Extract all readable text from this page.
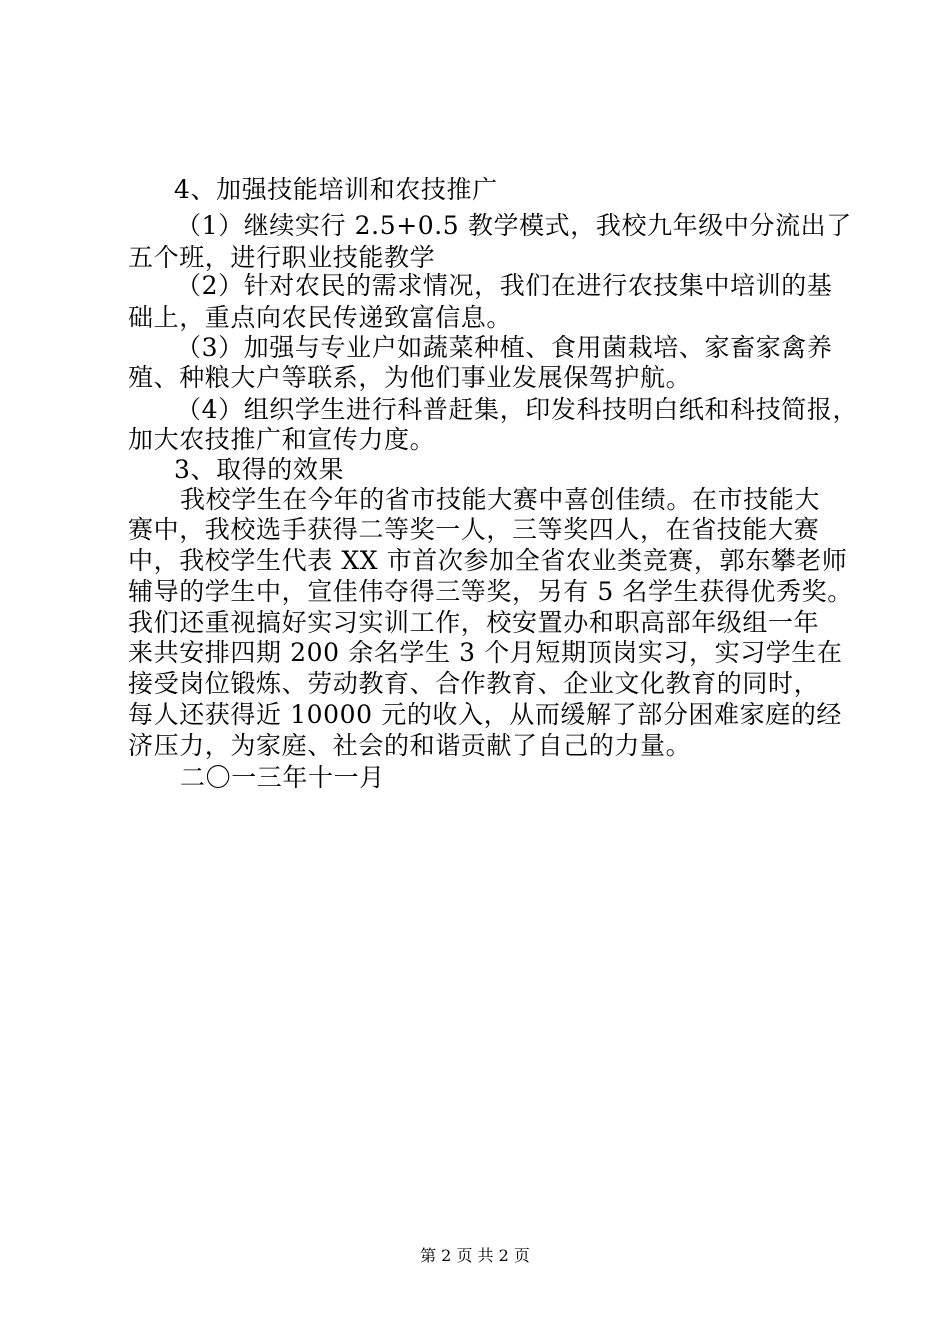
4、加强技能培训和农技推广
（1）继续实行 2.5+0.5 教学模式，我校九年级中分流出了
五个班，进行职业技能教学
（2）针对农民的需求情况，我们在进行农技集中培训的基
础上，重点向农民传递致富信息。
（3）加强与专业户如蔬菜种植、食用菌栽培、家畜家禽养
殖、种粮大户等联系，为他们事业发展保驾护航。
（4）组织学生进行科普赶集，印发科技明白纸和科技简报，
加大农技推广和宣传力度。
3、取得的效果
我校学生在今年的省市技能大赛中喜创佳绩。在市技能大
赛中，我校选手获得二等奖一人，三等奖四人，在省技能大赛
中，我校学生代表 XX 市首次参加全省农业类竞赛，郭东攀老师
辅导的学生中，宣佳伟夺得三等奖，另有 5 名学生获得优秀奖。
我们还重视搞好实习实训工作，校安置办和职高部年级组一年
来共安排四期 200 余名学生 3 个月短期顶岗实习，实习学生在
接受岗位锻炼、劳动教育、合作教育、企业文化教育的同时，
每人还获得近 10000 元的收入，从而缓解了部分困难家庭的经
济压力，为家庭、社会的和谐贡献了自己的力量。
二〇一三年十一月
第 2 页 共 2 页
